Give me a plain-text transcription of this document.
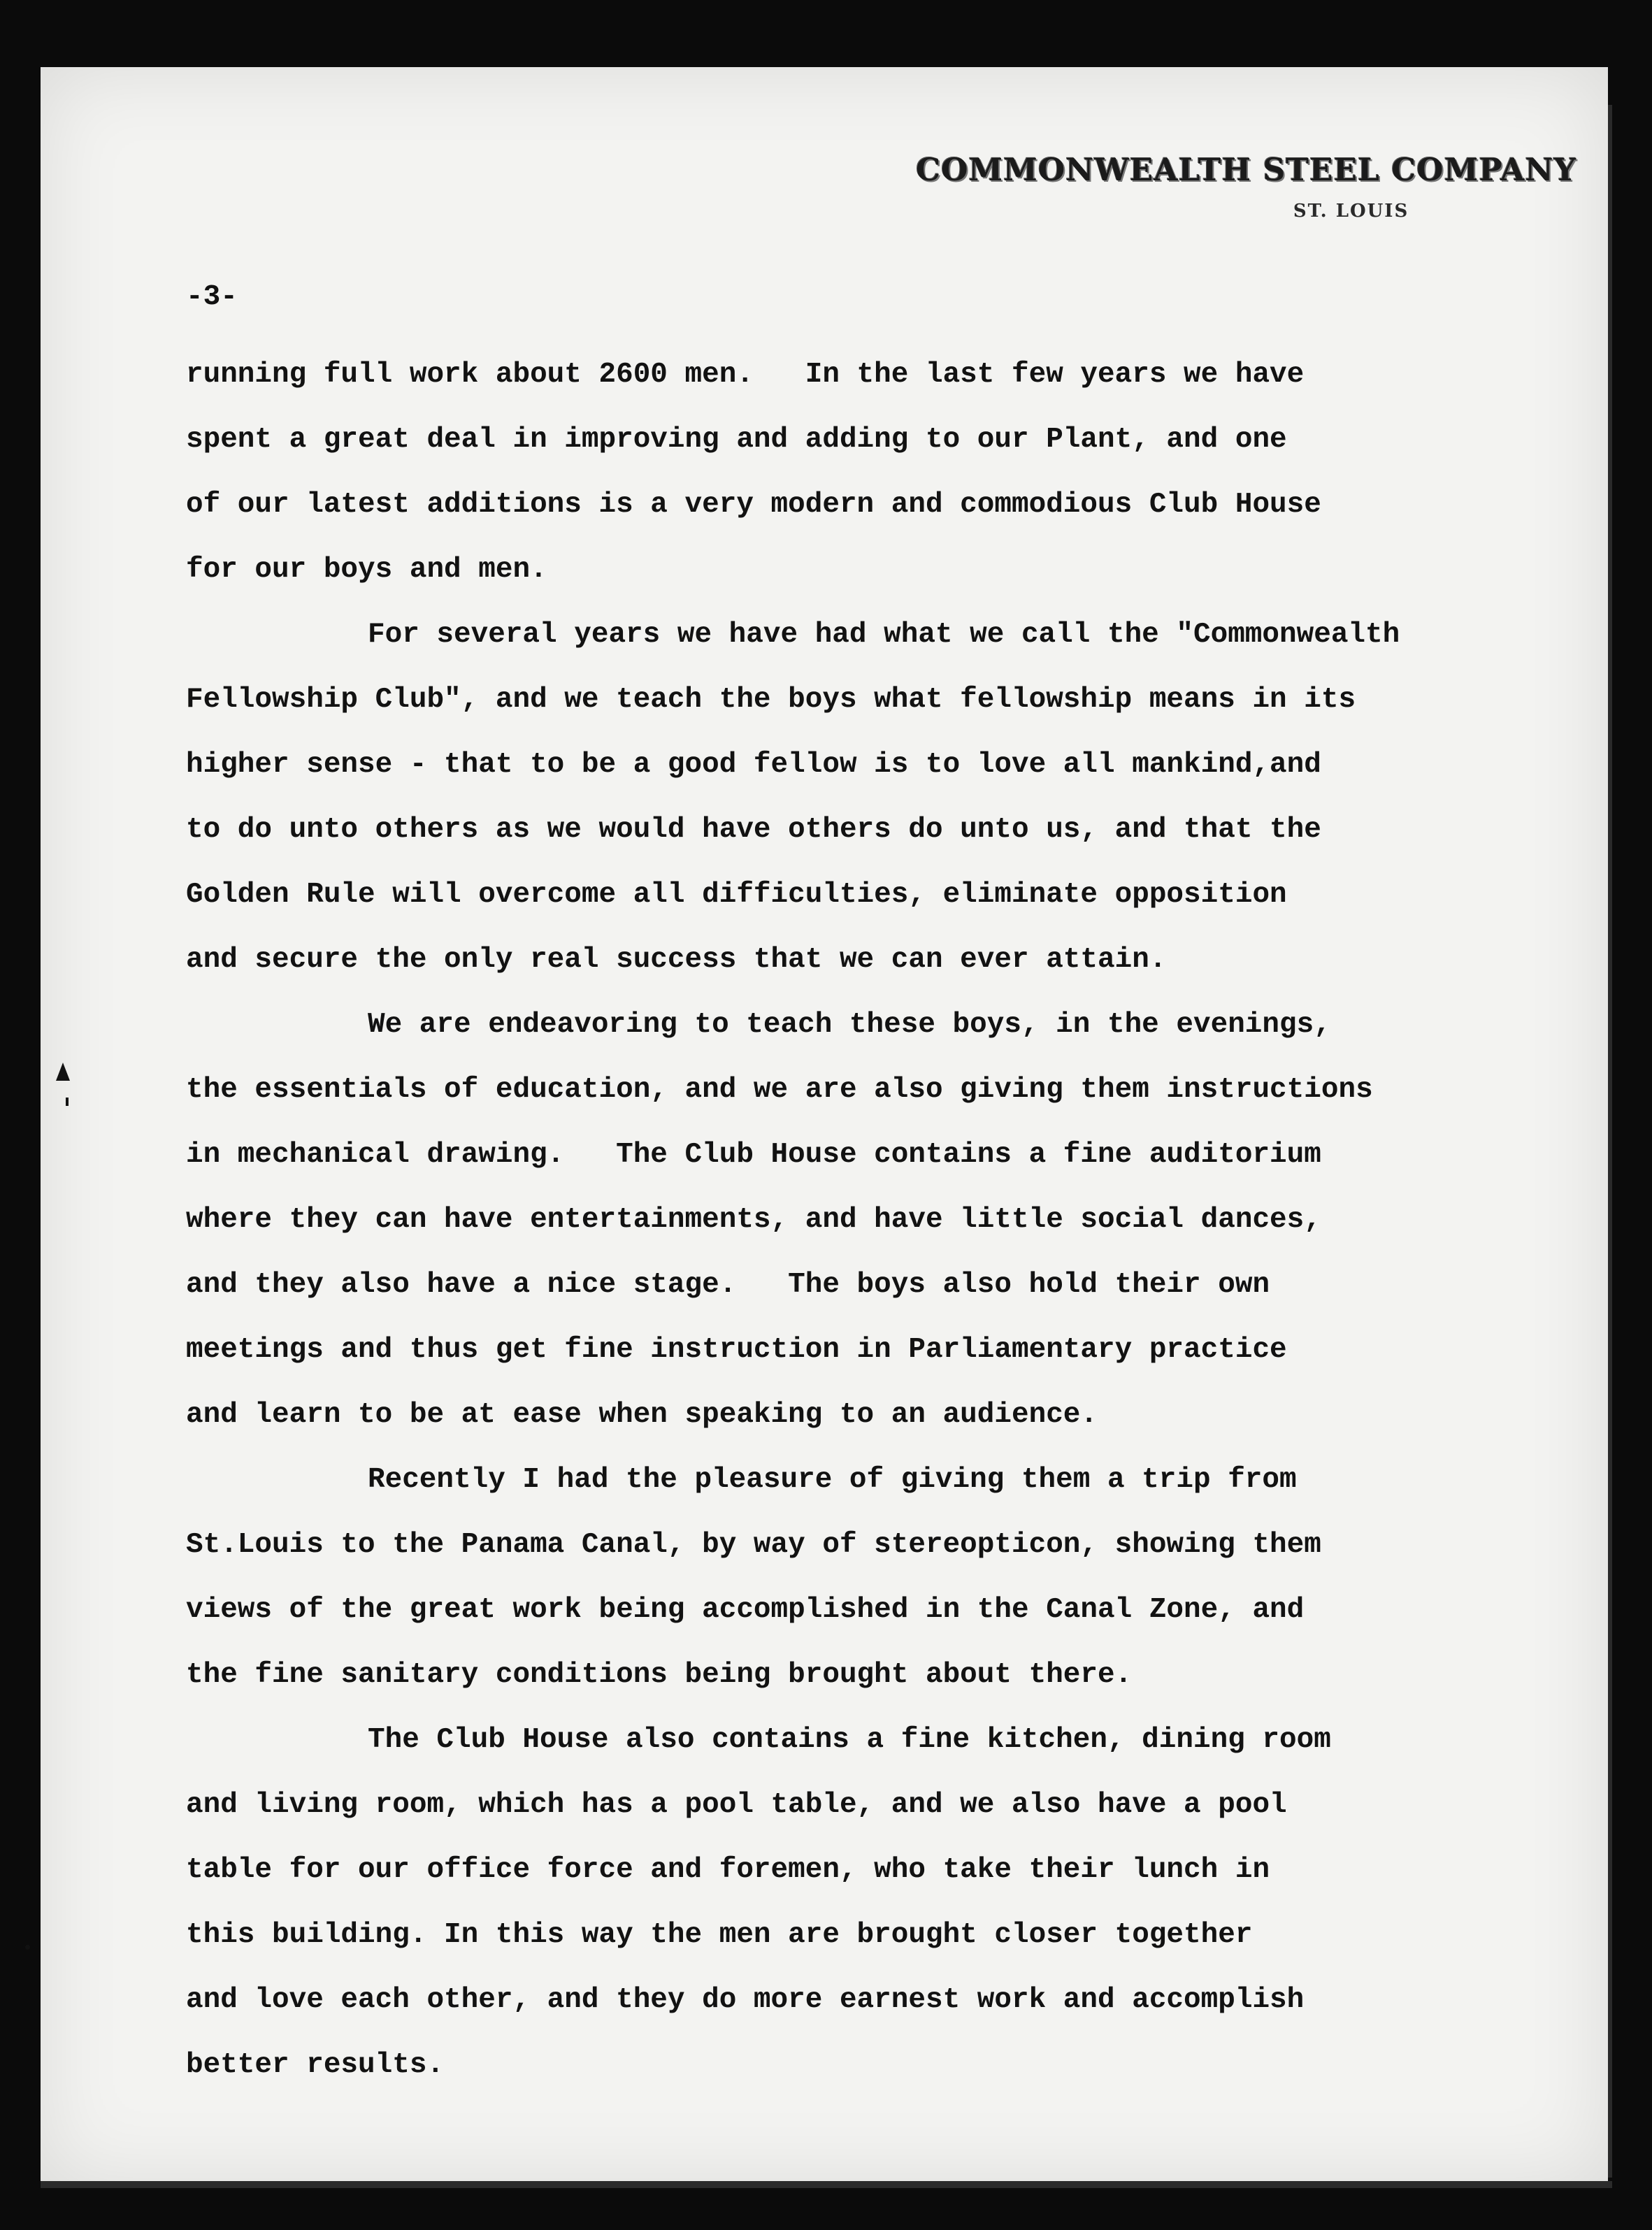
COMMONWEALTH STEEL COMPANY
ST. LOUIS
-3-
running full work about 2600 men.   In the last few years we have
spent a great deal in improving and adding to our Plant, and one
of our latest additions is a very modern and commodious Club House
for our boys and men.
For several years we have had what we call the "Commonwealth
Fellowship Club", and we teach the boys what fellowship means in its
higher sense - that to be a good fellow is to love all mankind,and
to do unto others as we would have others do unto us, and that the
Golden Rule will overcome all difficulties, eliminate opposition
and secure the only real success that we can ever attain.
We are endeavoring to teach these boys, in the evenings,
the essentials of education, and we are also giving them instructions
in mechanical drawing.   The Club House contains a fine auditorium
where they can have entertainments, and have little social dances,
and they also have a nice stage.   The boys also hold their own
meetings and thus get fine instruction in Parliamentary practice
and learn to be at ease when speaking to an audience.
Recently I had the pleasure of giving them a trip from
St.Louis to the Panama Canal, by way of stereopticon, showing them
views of the great work being accomplished in the Canal Zone, and
the fine sanitary conditions being brought about there.
The Club House also contains a fine kitchen, dining room
and living room, which has a pool table, and we also have a pool
table for our office force and foremen, who take their lunch in
this building. In this way the men are brought closer together
and love each other, and they do more earnest work and accomplish
better results.
